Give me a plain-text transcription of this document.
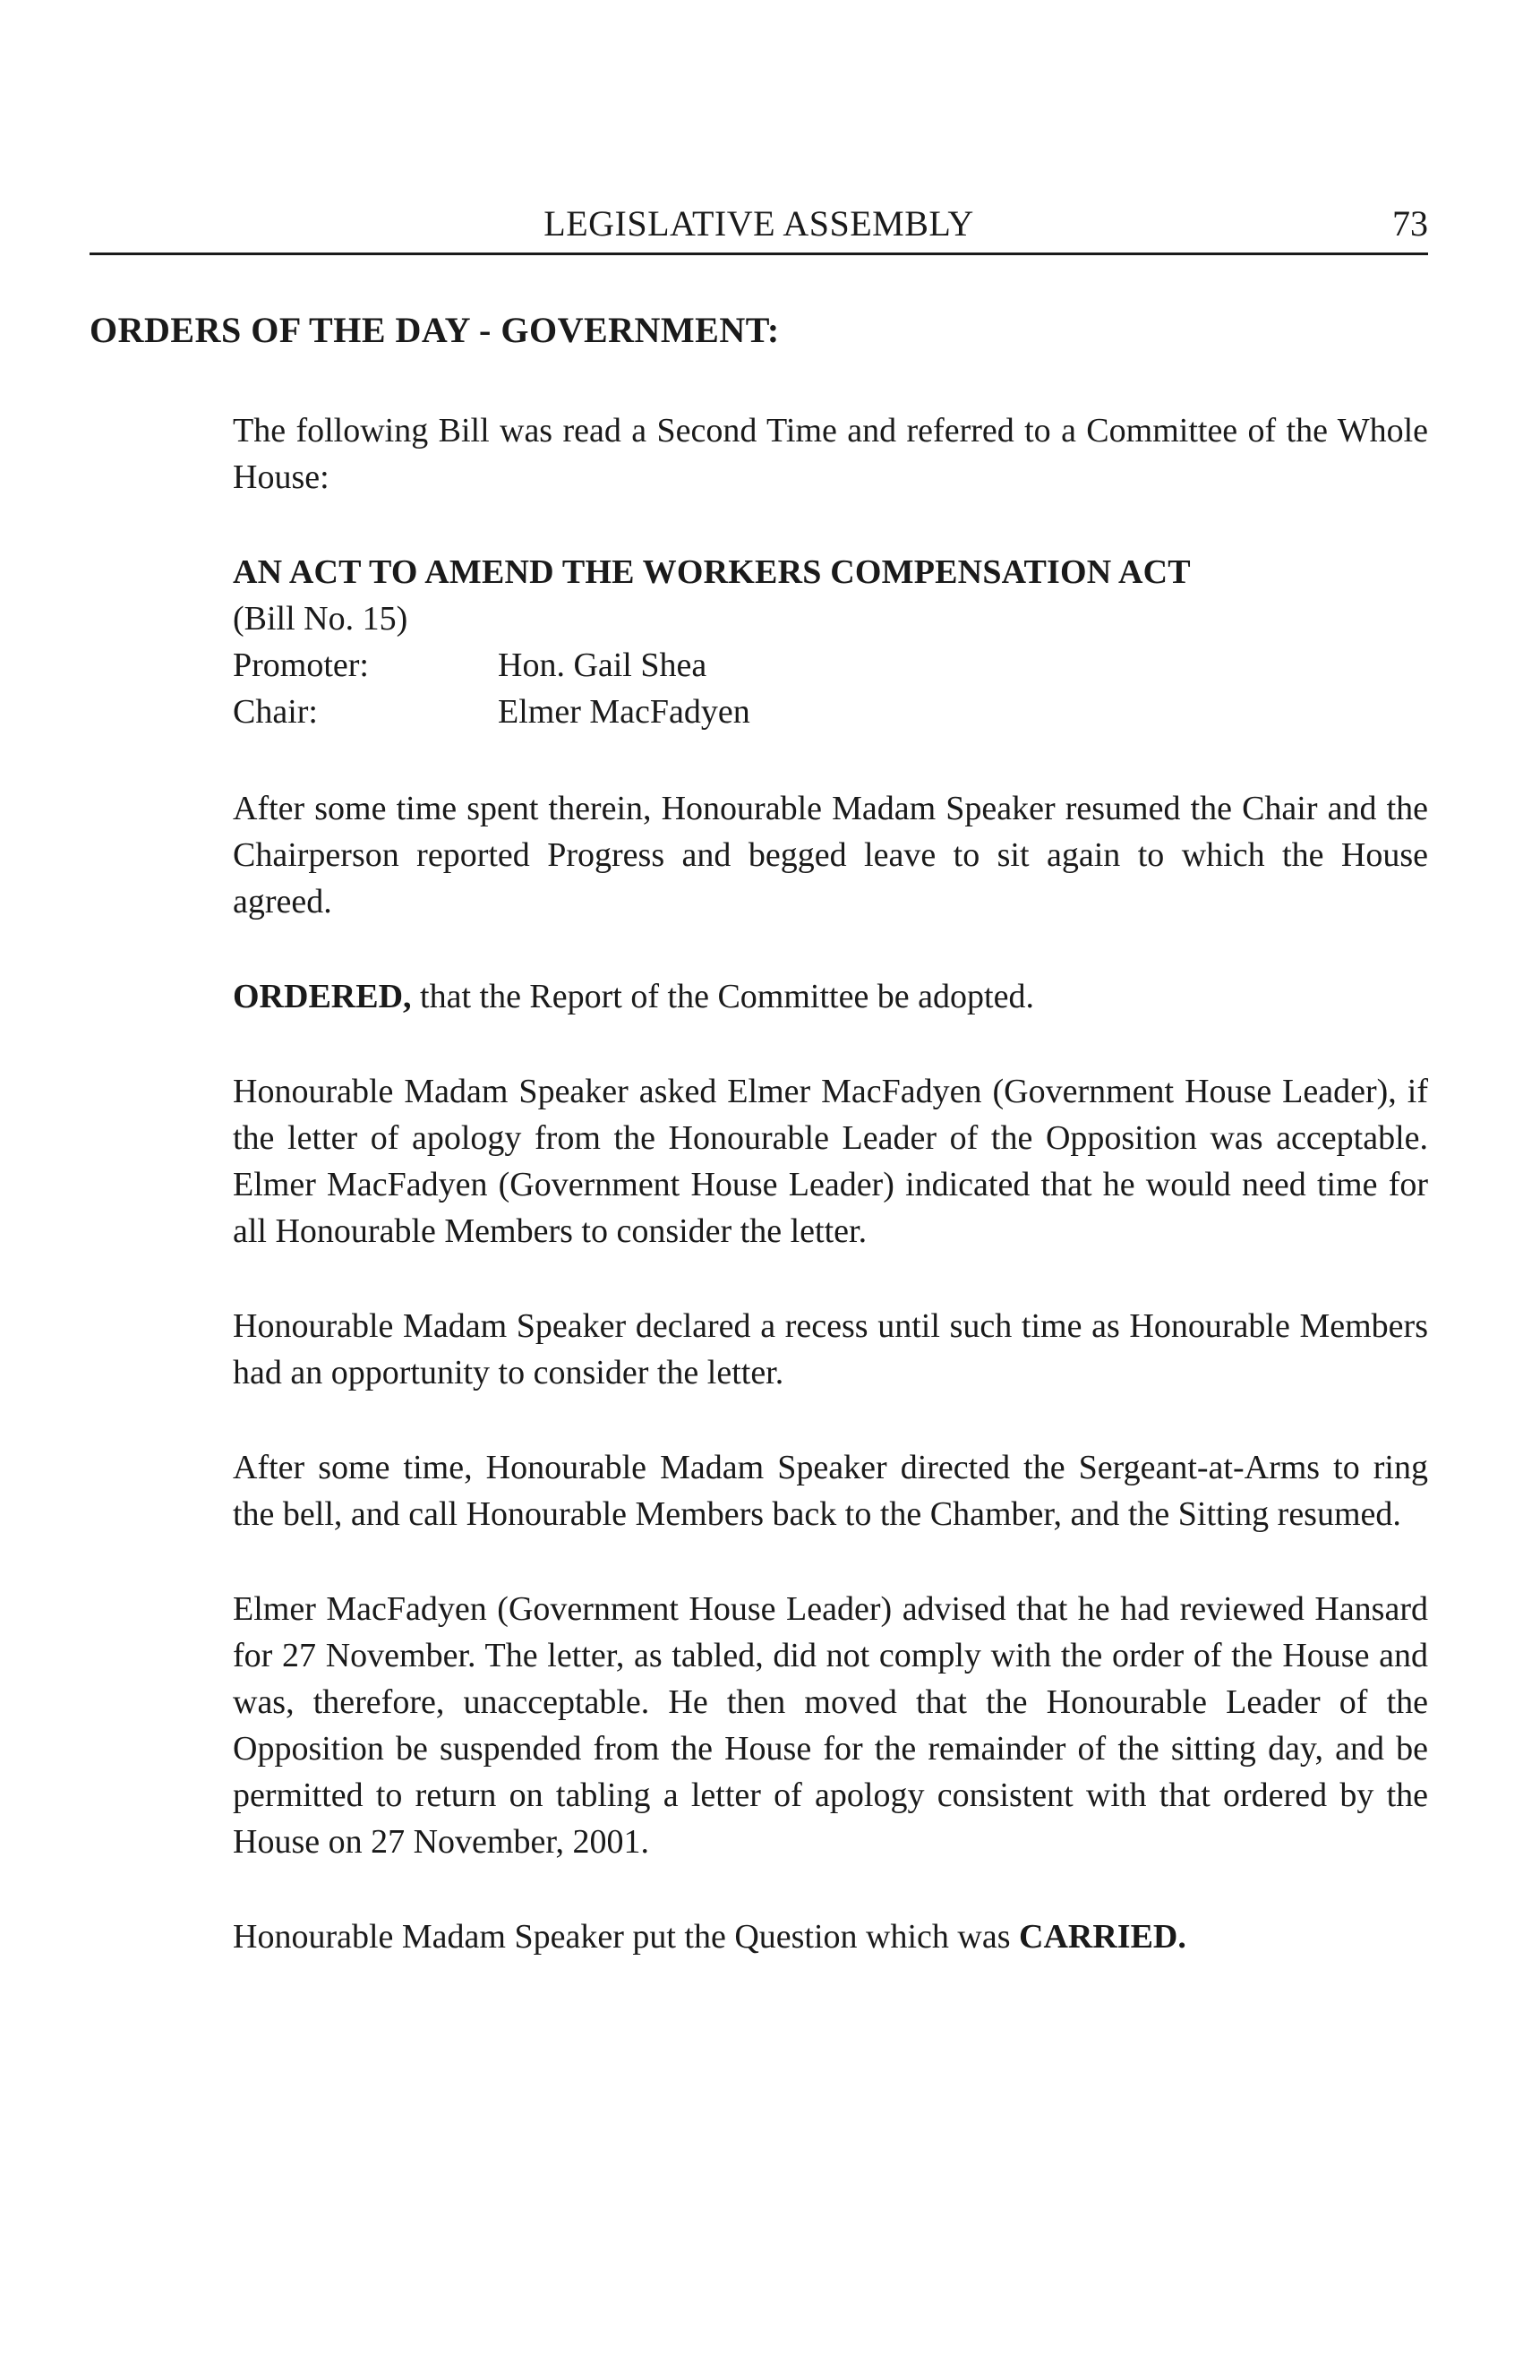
LEGISLATIVE ASSEMBLY	73
ORDERS OF THE DAY - GOVERNMENT:

The following Bill was read a Second Time and referred to a Committee of the Whole House:

AN ACT TO AMEND THE WORKERS COMPENSATION ACT
(Bill No. 15)
Promoter:	Hon. Gail Shea
Chair:	Elmer MacFadyen

After some time spent therein, Honourable Madam Speaker resumed the Chair and the Chairperson reported Progress and begged leave to sit again to which the House agreed.

ORDERED, that the Report of the Committee be adopted.

Honourable Madam Speaker asked Elmer MacFadyen (Government House Leader), if the letter of apology from the Honourable Leader of the Opposition was acceptable. Elmer MacFadyen (Government House Leader) indicated that he would need time for all Honourable Members to consider the letter.

Honourable Madam Speaker declared a recess until such time as Honourable Members had an opportunity to consider the letter.

After some time, Honourable Madam Speaker directed the Sergeant-at-Arms to ring the bell, and call Honourable Members back to the Chamber, and the Sitting resumed.

Elmer MacFadyen (Government House Leader) advised that he had reviewed Hansard for 27 November. The letter, as tabled, did not comply with the order of the House and was, therefore, unacceptable. He then moved that the Honourable Leader of the Opposition be suspended from the House for the remainder of the sitting day, and be permitted to return on tabling a letter of apology consistent with that ordered by the House on 27 November, 2001.

Honourable Madam Speaker put the Question which was CARRIED.
